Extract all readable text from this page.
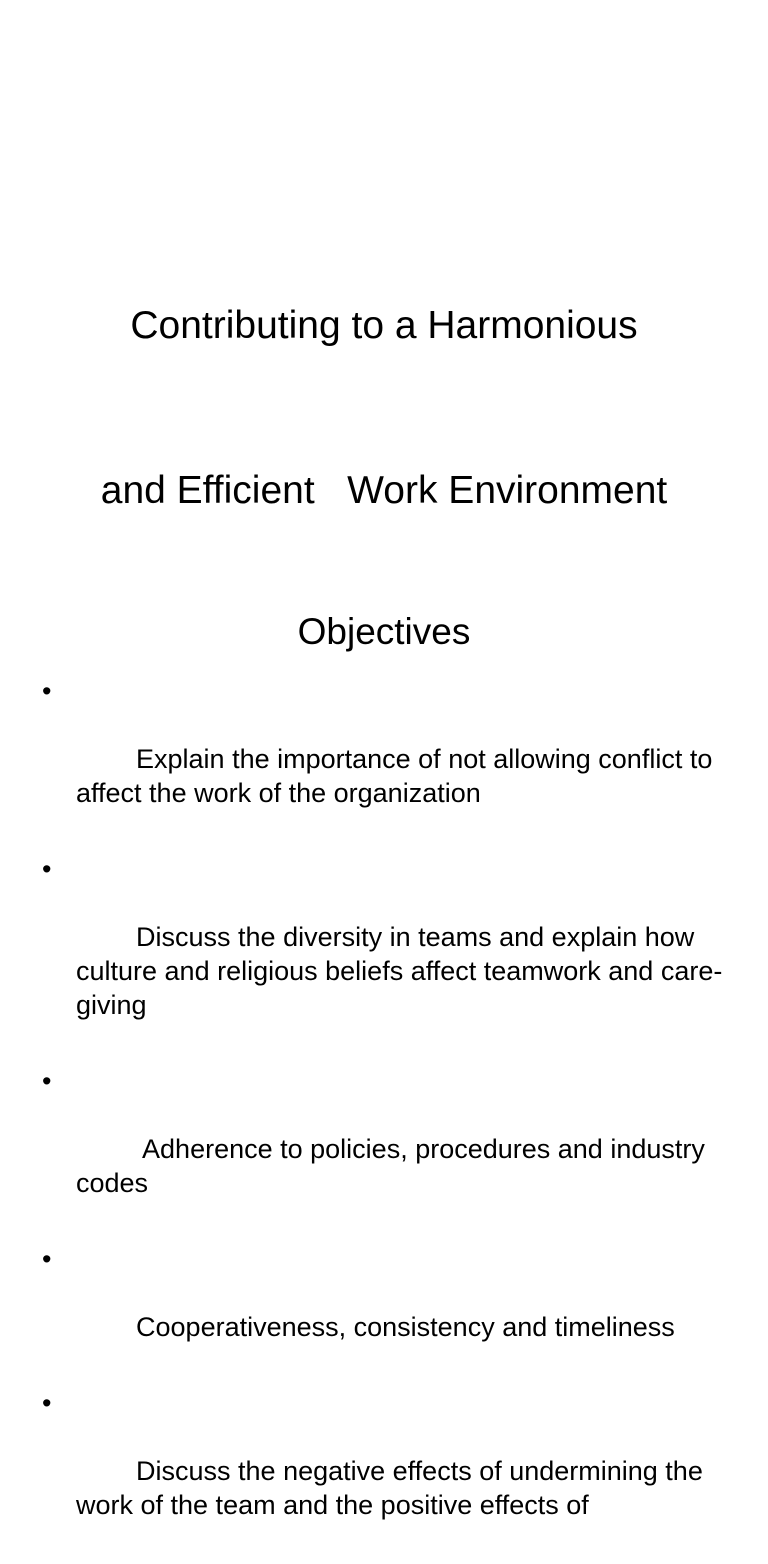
Contributing to a Harmonious

and Efficient   Work Environment

Objectives

•

Explain the importance of not allowing conflict to affect the work of the organization

•

Discuss the diversity in teams and explain how culture and religious beliefs affect teamwork and care-giving

•

Adherence to policies, procedures and industry codes

•

Cooperativeness, consistency and timeliness

•

Discuss the negative effects of undermining the work of the team and the positive effects of
